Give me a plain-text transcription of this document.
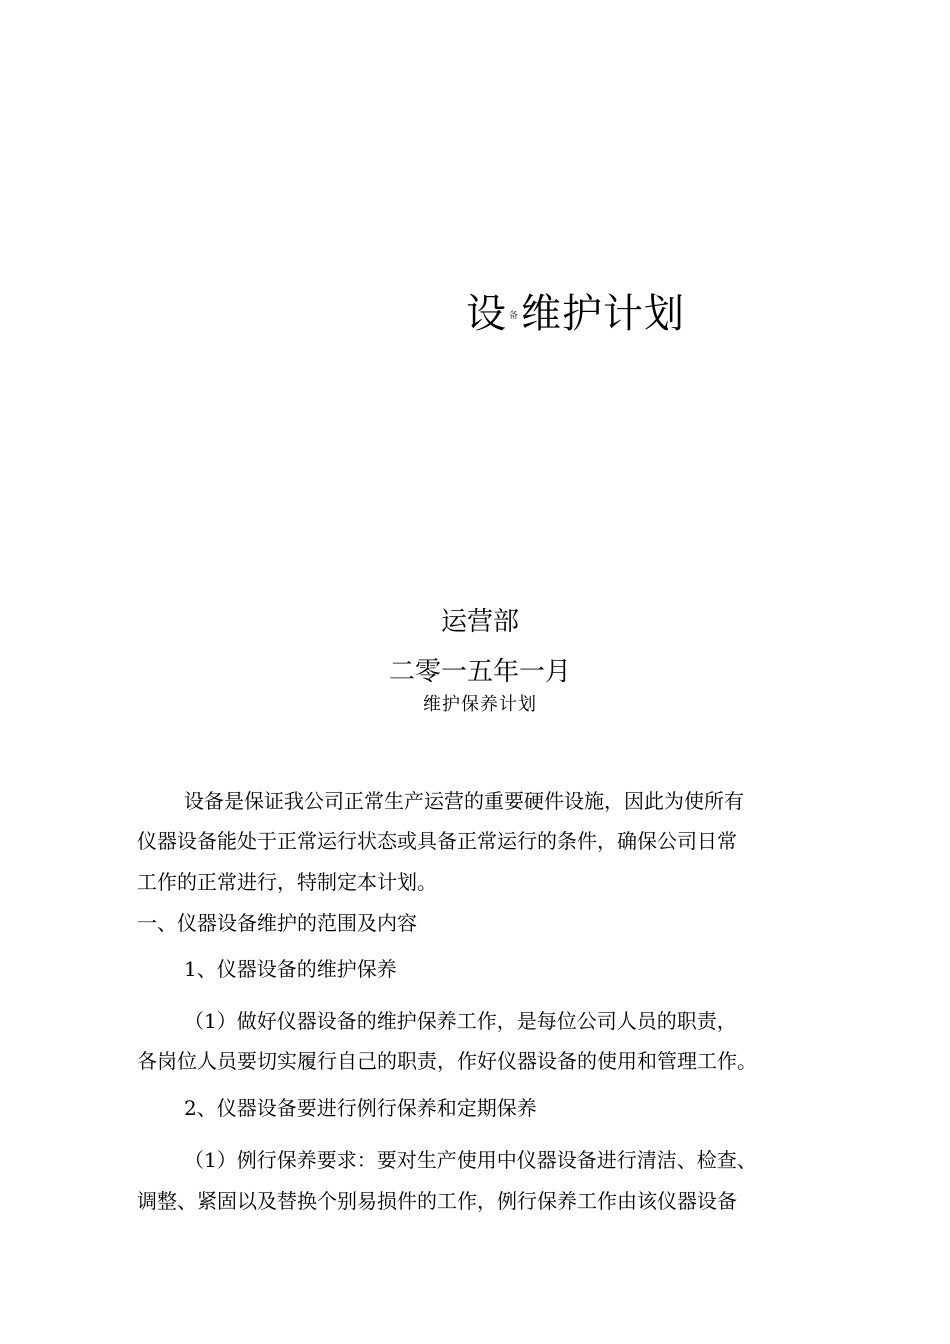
设 备维护计划
运营部
二零一五年一月
维护保养计划
设备是保证我公司正常生产运营的重要硬件设施，因此为使所有
仪器设备能处于正常运行状态或具备正常运行的条件，确保公司日常
工作的正常进行，特制定本计划。
一、仪器设备维护的范围及内容
1、仪器设备的维护保养
（1）做好仪器设备的维护保养工作，是每位公司人员的职责，
各岗位人员要切实履行自己的职责，作好仪器设备的使用和管理工作。
2、仪器设备要进行例行保养和定期保养
（1）例行保养要求：要对生产使用中仪器设备进行清洁、检查、
调整、紧固以及替换个别易损件的工作，例行保养工作由该仪器设备
